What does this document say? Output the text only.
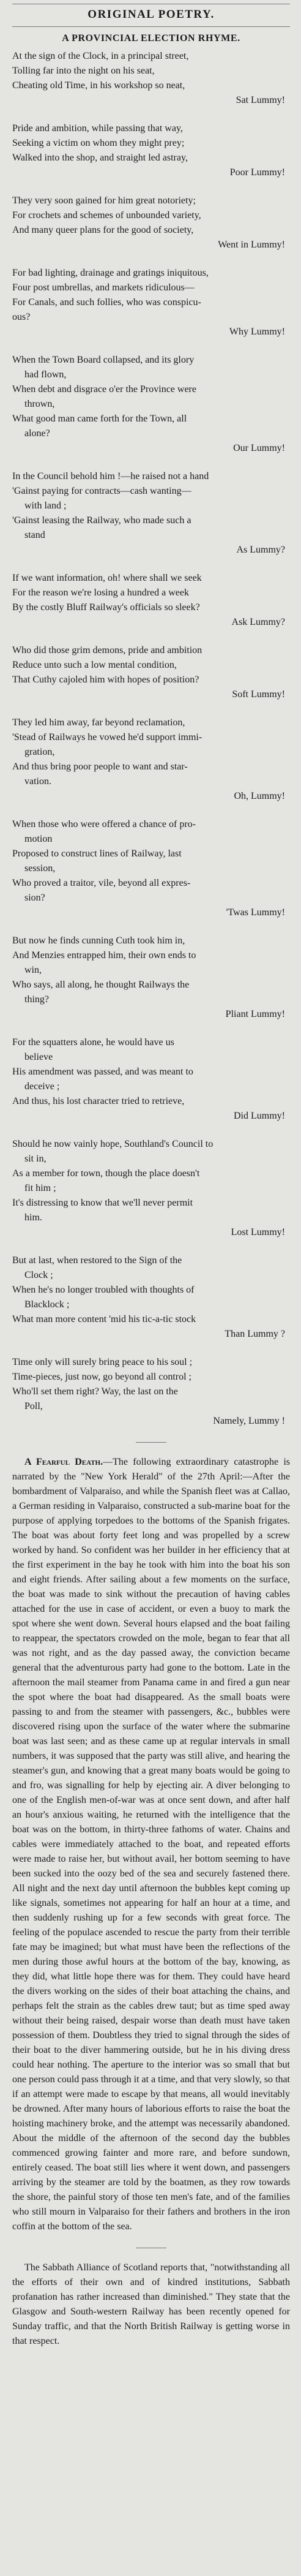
ORIGINAL POETRY.
A PROVINCIAL ELECTION RHYME.
At the sign of the Clock, in a principal street,
Tolling far into the night on his seat,
Cheating old Time, in his workshop so neat,
Sat Lummy!
Pride and ambition, while passing that way,
Seeking a victim on whom they might prey;
Walked into the shop, and straight led astray,
Poor Lummy!
They very soon gained for him great notoriety;
For crochets and schemes of unbounded variety,
And many queer plans for the good of society,
Went in Lummy!
For bad lighting, drainage and gratings iniquitous,
Four post umbrellas, and markets ridiculous—
For Canals, and such follies, who was conspicu-
ous?
Why Lummy!
When the Town Board collapsed, and its glory
had flown,
When debt and disgrace o'er the Province were
thrown,
What good man came forth for the Town, all
alone?
Our Lummy!
In the Council behold him !—he raised not a hand
'Gainst paying for contracts—cash wanting—
with land ;
'Gainst leasing the Railway, who made such a
stand
As Lummy?
If we want information, oh! where shall we seek
For the reason we're losing a hundred a week
By the costly Bluff Railway's officials so sleek?
Ask Lummy?
Who did those grim demons, pride and ambition
Reduce unto such a low mental condition,
That Cuthy cajoled him with hopes of position?
Soft Lummy!
They led him away, far beyond reclamation,
'Stead of Railways he vowed he'd support immi-
gration,
And thus bring poor people to want and star-
vation.
Oh, Lummy!
When those who were offered a chance of pro-
motion
Proposed to construct lines of Railway, last
session,
Who proved a traitor, vile, beyond all expres-
sion?
'Twas Lummy!
But now he finds cunning Cuth took him in,
And Menzies entrapped him, their own ends to
win,
Who says, all along, he thought Railways the
thing?
Pliant Lummy!
For the squatters alone, he would have us
believe
His amendment was passed, and was meant to
deceive ;
And thus, his lost character tried to retrieve,
Did Lummy!
Should he now vainly hope, Southland's Council to
sit in,
As a member for town, though the place doesn't
fit him ;
It's distressing to know that we'll never permit
him.
Lost Lummy!
But at last, when restored to the Sign of the
Clock ;
When he's no longer troubled with thoughts of
Blacklock ;
What man more content 'mid his tic-a-tic stock
Than Lummy ?
Time only will surely bring peace to his soul ;
Time-pieces, just now, go beyond all control ;
Who'll set them right? Way, the last on the
Poll,
Namely, Lummy !

A Fearful Death.—The following extraordinary catastrophe is narrated by the "New York Herald" of the 27th April:—After the bombardment of Valparaiso, and while the Spanish fleet was at Callao, a German residing in Valparaiso, constructed a sub-marine boat for the purpose of applying torpedoes to the bottoms of the Spanish frigates. The boat was about forty feet long and was propelled by a screw worked by hand. So confident was her builder in her efficiency that at the first experiment in the bay he took with him into the boat his son and eight friends. After sailing about a few moments on the surface, the boat was made to sink without the precaution of having cables attached for the use in case of accident, or even a buoy to mark the spot where she went down. Several hours elapsed and the boat failing to reappear, the spectators crowded on the mole, began to fear that all was not right, and as the day passed away, the conviction became general that the adventurous party had gone to the bottom. Late in the afternoon the mail steamer from Panama came in and fired a gun near the spot where the boat had disappeared. As the small boats were passing to and from the steamer with passengers, &c., bubbles were discovered rising upon the surface of the water where the submarine boat was last seen; and as these came up at regular intervals in small numbers, it was supposed that the party was still alive, and hearing the steamer's gun, and knowing that a great many boats would be going to and fro, was signalling for help by ejecting air. A diver belonging to one of the English men-of-war was at once sent down, and after half an hour's anxious waiting, he returned with the intelligence that the boat was on the bottom, in thirty-three fathoms of water. Chains and cables were immediately attached to the boat, and repeated efforts were made to raise her, but without avail, her bottom seeming to have been sucked into the oozy bed of the sea and securely fastened there. All night and the next day until afternoon the bubbles kept coming up like signals, sometimes not appearing for half an hour at a time, and then suddenly rushing up for a few seconds with great force. The feeling of the populace ascended to rescue the party from their terrible fate may be imagined; but what must have been the reflections of the men during those awful hours at the bottom of the bay, knowing, as they did, what little hope there was for them. They could have heard the divers working on the sides of their boat attaching the chains, and perhaps felt the strain as the cables drew taut; but as time sped away without their being raised, despair worse than death must have taken possession of them. Doubtless they tried to signal through the sides of their boat to the diver hammering outside, but he in his diving dress could hear nothing. The aperture to the interior was so small that but one person could pass through it at a time, and that very slowly, so that if an attempt were made to escape by that means, all would inevitably be drowned. After many hours of laborious efforts to raise the boat the hoisting machinery broke, and the attempt was necessarily abandoned. About the middle of the afternoon of the second day the bubbles commenced growing fainter and more rare, and before sundown, entirely ceased. The boat still lies where it went down, and passengers arriving by the steamer are told by the boatmen, as they row towards the shore, the painful story of those ten men's fate, and of the families who still mourn in Valparaiso for their fathers and brothers in the iron coffin at the bottom of the sea.

The Sabbath Alliance of Scotland reports that, "notwithstanding all the efforts of their own and of kindred institutions, Sabbath profanation has rather increased than diminished." They state that the Glasgow and South-western Railway has been recently opened for Sunday traffic, and that the North British Railway is getting worse in that respect.
